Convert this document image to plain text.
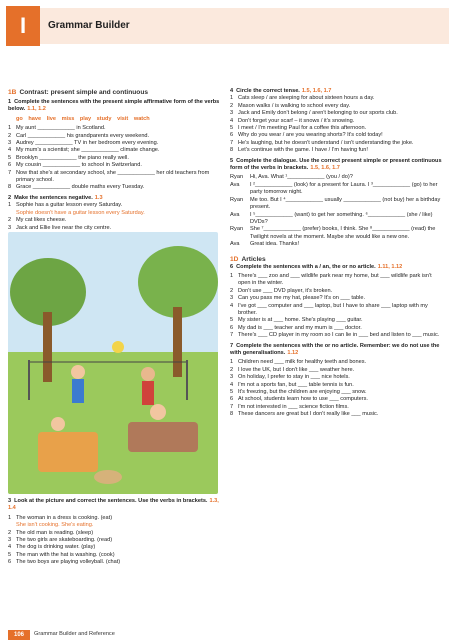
I	Grammar Builder
1B Contrast: present simple and continuous
1 Complete the sentences with the present simple affirmative form of the verbs below. 1.1, 1.2
go have live miss play study visit watch
1 My aunt ____________ in Scotland.
2 Carl ____________ his grandparents every weekend.
3 Audrey ____________ TV in her bedroom every evening.
4 My mum's a scientist; she ____________ climate change.
5 Brooklyn ____________ the piano really well.
6 My cousin ____________ to school in Switzerland.
7 Now that she's at secondary school, she ____________ her old teachers from primary school.
8 Grace ____________ double maths every Tuesday.
2 Make the sentences negative. 1.3
1 Sophie has a guitar lesson every Saturday.
Sophie doesn't have a guitar lesson every Saturday.
2 My cat likes cheese.
3 Jack and Ellie live near the city centre.
3 Look at the picture and correct the sentences. Use the verbs in brackets. 1.3, 1.4
1 The woman in a dress is cooking. (eat)
She isn't cooking. She's eating.
2 The old man is reading. (sleep)
3 The two girls are skateboarding. (read)
4 The dog is drinking water. (play)
5 The man with the hat is washing. (cook)
6 The two boys are playing volleyball. (chat)
4 Circle the correct tense. 1.5, 1.6, 1.7
1 Cats sleep / are sleeping for about sixteen hours a day.
2 Mason walks / is walking to school every day.
3 Jack and Emily don't belong / aren't belonging to our sports club.
4 Don't forget your scarf – it snows / it's snowing.
5 I meet / I'm meeting Paul for a coffee this afternoon.
6 Why do you wear / are you wearing shorts? It's cold today!
7 He's laughing, but he doesn't understand / isn't understanding the joke.
8 Let's continue with the game. I have / I'm having fun!
5 Complete the dialogue. Use the correct present simple or present continuous form of the verbs in brackets. 1.5, 1.6, 1.7
Ryan	Hi, Ava. What ¹____________ (you / do)?
Ava	I ²____________ (look) for a present for Laura. I ³____________ (go) to her party tomorrow night.
Ryan	Me too. But I ⁴____________ usually ____________ (not buy) her a birthday present.
Ava	I ⁵____________ (want) to get her something. ⁶____________ (she / like) DVDs?
Ryan	She ⁷____________ (prefer) books, I think. She ⁸____________ (read) the Twilight novels at the moment. Maybe she would like a new one.
Ava	Great idea. Thanks!
1D Articles
6 Complete the sentences with a / an, the or no article. 1.11, 1.12
1 There's ___ zoo and ___ wildlife park near my home, but ___ wildlife park isn't open in the winter.
2 Don't use ___ DVD player, it's broken.
3 Can you pass me my hat, please? It's on ___ table.
4 I've got ___ computer and ___ laptop, but I have to share ___ laptop with my brother.
5 My sister is at ___ home. She's playing ___ guitar.
6 My dad is ___ teacher and my mum is ___ doctor.
7 There's ___ CD player in my room so I can lie in ___ bed and listen to ___ music.
7 Complete the sentences with the or no article. Remember: we do not use the with generalisations. 1.12
1 Children need ___ milk for healthy teeth and bones.
2 I love the UK, but I don't like ___ weather here.
3 On holiday, I prefer to stay in ___ nice hotels.
4 I'm not a sports fan, but ___ table tennis is fun.
5 It's freezing, but the children are enjoying ___ snow.
6 At school, students learn how to use ___ computers.
7 I'm not interested in ___ science fiction films.
8 These dancers are great but I don't really like ___ music.
106	Grammar Builder and Reference
